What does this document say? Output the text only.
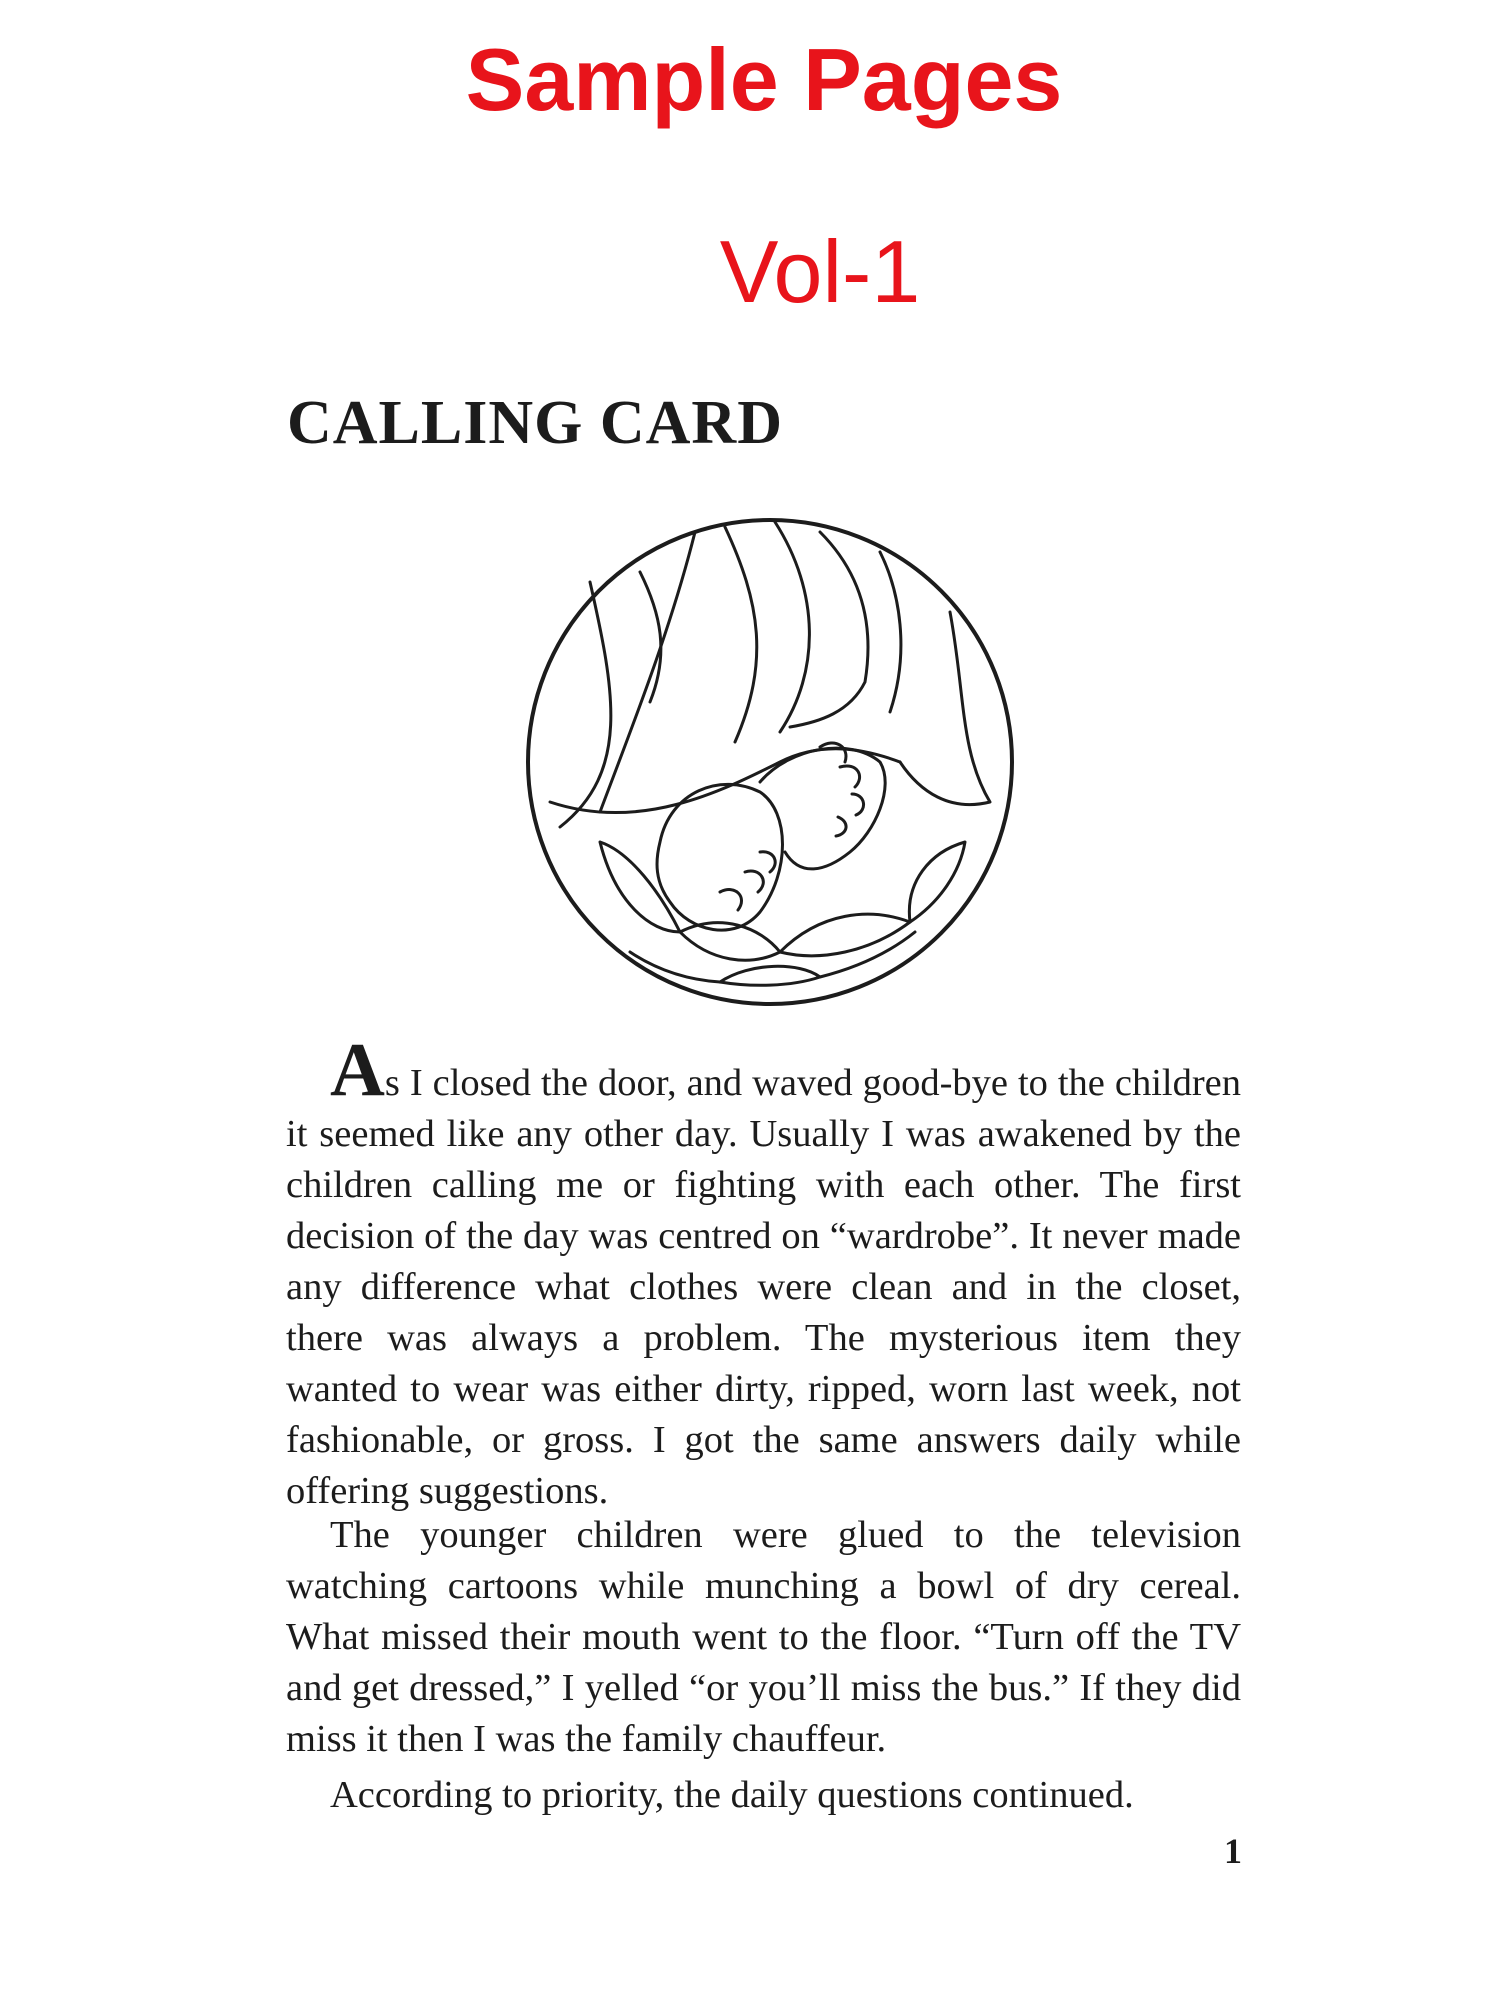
Sample Pages
Vol-1
CALLING CARD

As I closed the door, and waved good-bye to the children it seemed like any other day. Usually I was awakened by the children calling me or fighting with each other. The first decision of the day was centred on “wardrobe”. It never made any difference what clothes were clean and in the closet, there was always a problem. The mysterious item they wanted to wear was either dirty, ripped, worn last week, not fashionable, or gross. I got the same answers daily while offering suggestions.

The younger children were glued to the television watching cartoons while munching a bowl of dry cereal. What missed their mouth went to the floor. “Turn off the TV and get dressed,” I yelled “or you’ll miss the bus.” If they did miss it then I was the family chauffeur.

According to priority, the daily questions continued.

1
